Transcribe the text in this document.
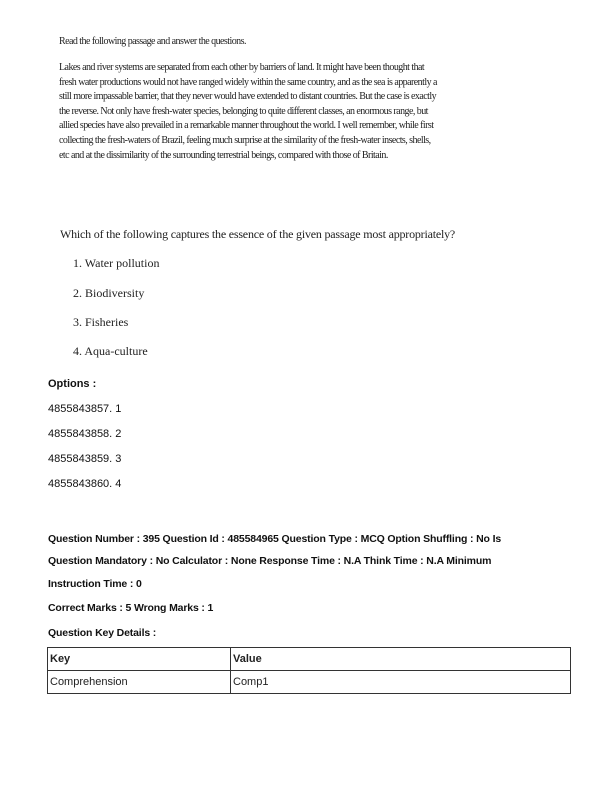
Read the following passage and answer the questions.
Lakes and river systems are separated from each other by barriers of land. It might have been thought that
fresh water productions would not have ranged widely within the same country, and as the sea is apparently a
still more impassable barrier, that they never would have extended to distant countries. But the case is exactly
the reverse. Not only have fresh-water species, belonging to quite different classes, an enormous range, but
allied species have also prevailed in a remarkable manner throughout the world. I well remember, while first
collecting the fresh-waters of Brazil, feeling much surprise at the similarity of the fresh-water insects, shells,
etc and at the dissimilarity of the surrounding terrestrial beings, compared with those of Britain.
Which of the following captures the essence of the given passage most appropriately?
1. Water pollution
2. Biodiversity
3. Fisheries
4. Aqua-culture
Options :
4855843857. 1
4855843858. 2
4855843859. 3
4855843860. 4
Question Number : 395 Question Id : 485584965 Question Type : MCQ Option Shuffling : No Is
Question Mandatory : No Calculator : None Response Time : N.A Think Time : N.A Minimum
Instruction Time : 0
Correct Marks : 5 Wrong Marks : 1
Question Key Details :
Key	Value
Comprehension	Comp1
